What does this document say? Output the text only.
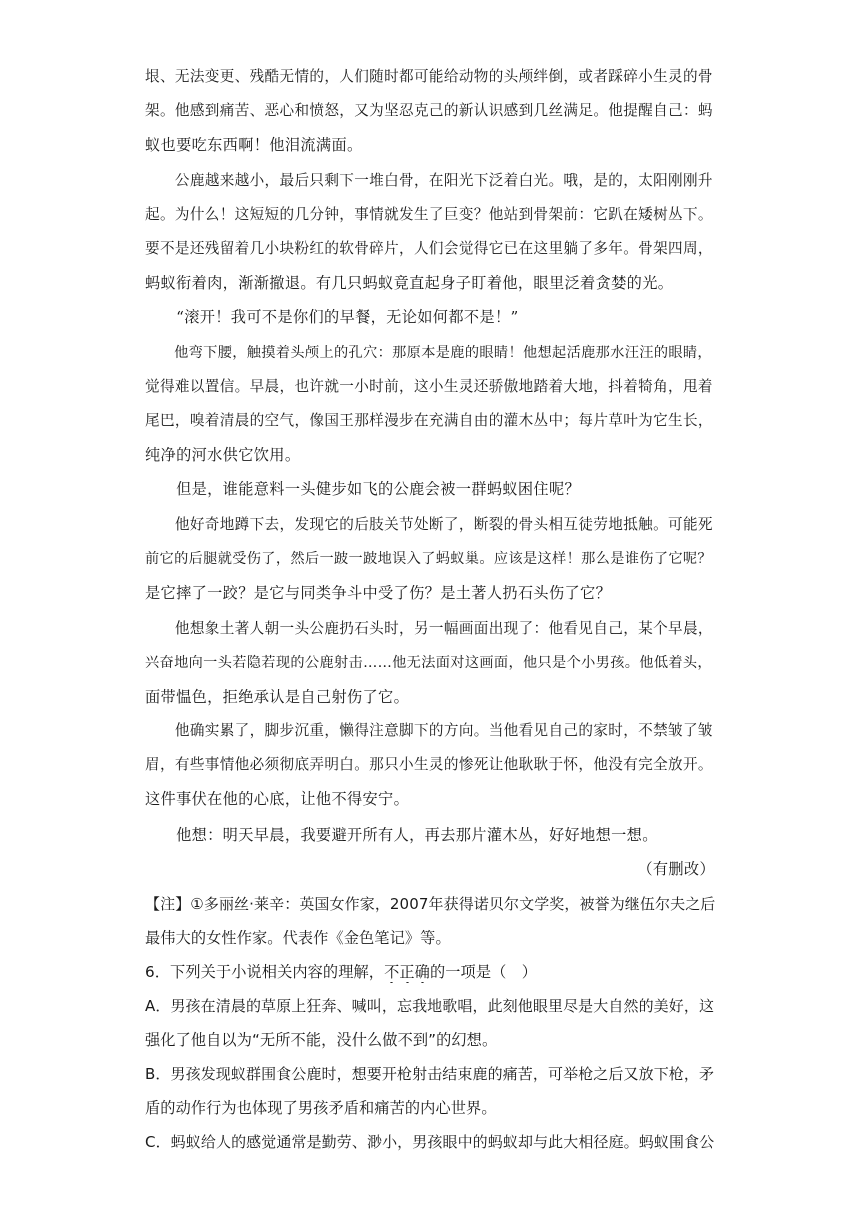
垠、无法变更、残酷无情的，人们随时都可能给动物的头颅绊倒，或者踩碎小生灵的骨
架。他感到痛苦、恶心和愤怒，又为坚忍克己的新认识感到几丝满足。他提醒自己：蚂
蚁也要吃东西啊！他泪流满面。
　　公鹿越来越小，最后只剩下一堆白骨，在阳光下泛着白光。哦，是的，太阳刚刚升
起。为什么！这短短的几分钟，事情就发生了巨变？他站到骨架前：它趴在矮树丛下。
要不是还残留着几小块粉红的软骨碎片，人们会觉得它已在这里躺了多年。骨架四周，
蚂蚁衔着肉，渐渐撤退。有几只蚂蚁竟直起身子盯着他，眼里泛着贪婪的光。
　　“滚开！我可不是你们的早餐，无论如何都不是！”
　　他弯下腰，触摸着头颅上的孔穴：那原本是鹿的眼睛！他想起活鹿那水汪汪的眼睛，
觉得难以置信。早晨，也许就一小时前，这小生灵还骄傲地踏着大地，抖着犄角，甩着
尾巴，嗅着清晨的空气，像国王那样漫步在充满自由的灌木丛中；每片草叶为它生长，
纯净的河水供它饮用。
　　但是，谁能意料一头健步如飞的公鹿会被一群蚂蚁困住呢？
　　他好奇地蹲下去，发现它的后肢关节处断了，断裂的骨头相互徒劳地抵触。可能死
前它的后腿就受伤了，然后一跛一跛地误入了蚂蚁巢。应该是这样！那么是谁伤了它呢？
是它摔了一跤？是它与同类争斗中受了伤？是土著人扔石头伤了它？
　　他想象土著人朝一头公鹿扔石头时，另一幅画面出现了：他看见自己，某个早晨，
兴奋地向一头若隐若现的公鹿射击……他无法面对这画面，他只是个小男孩。他低着头，
面带愠色，拒绝承认是自己射伤了它。
　　他确实累了，脚步沉重，懒得注意脚下的方向。当他看见自己的家时，不禁皱了皱
眉，有些事情他必须彻底弄明白。那只小生灵的惨死让他耿耿于怀，他没有完全放开。
这件事伏在他的心底，让他不得安宁。
　　他想：明天早晨，我要避开所有人，再去那片灌木丛，好好地想一想。
（有删改）
【注】①多丽丝·莱辛：英国女作家，2007年获得诺贝尔文学奖，被誉为继伍尔夫之后
最伟大的女性作家。代表作《金色笔记》等。
6．下列关于小说相关内容的理解，不正确的一项是（　）
A．男孩在清晨的草原上狂奔、喊叫，忘我地歌唱，此刻他眼里尽是大自然的美好，这
强化了他自以为“无所不能，没什么做不到”的幻想。
B．男孩发现蚁群围食公鹿时，想要开枪射击结束鹿的痛苦，可举枪之后又放下枪，矛
盾的动作行为也体现了男孩矛盾和痛苦的内心世界。
C．蚂蚁给人的感觉通常是勤劳、渺小，男孩眼中的蚂蚁却与此大相径庭。蚂蚁围食公
